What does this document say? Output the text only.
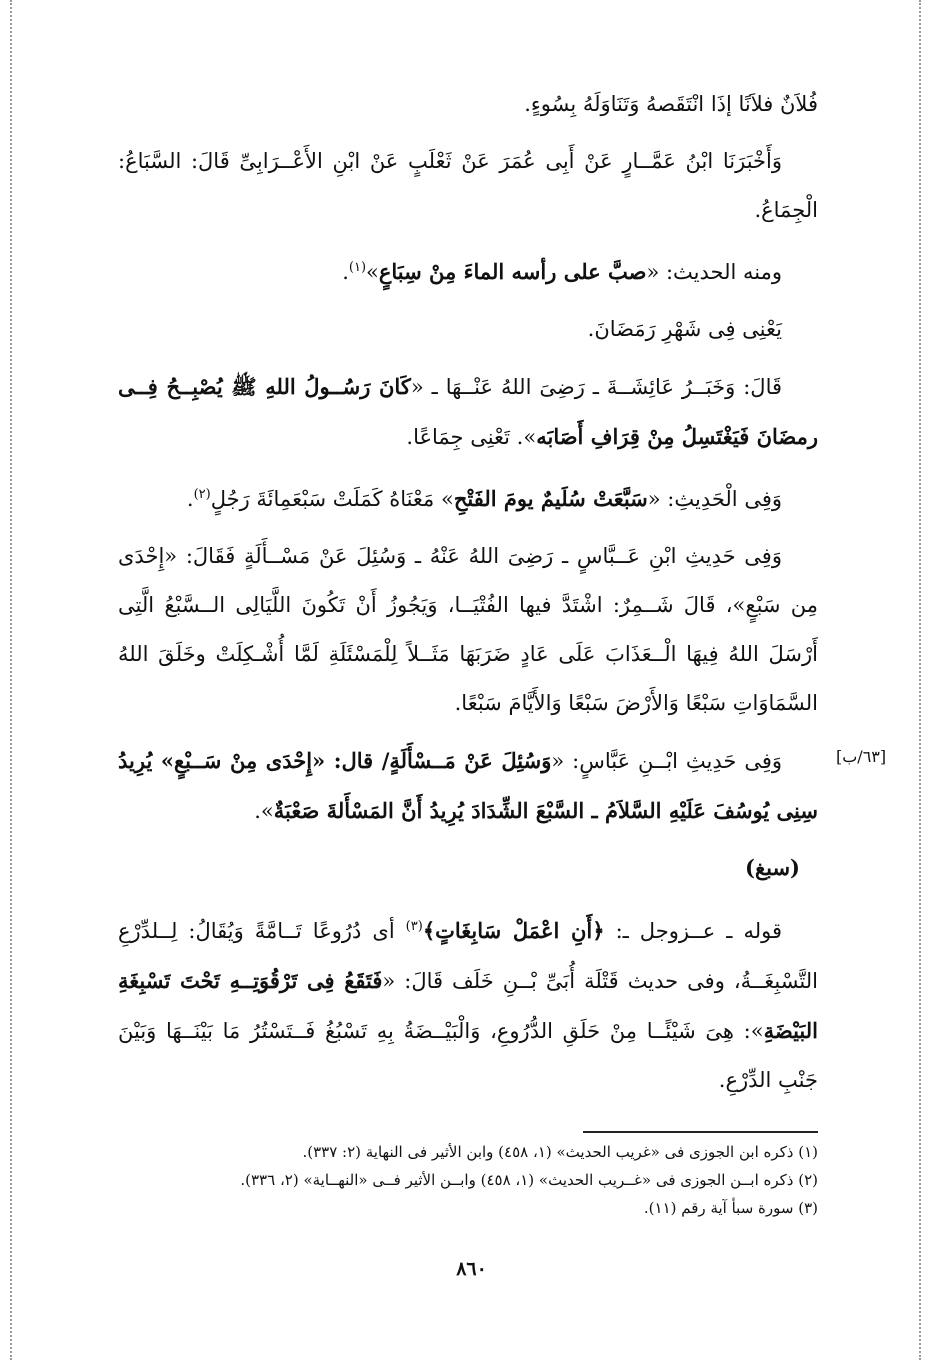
[٦٣/ب]

فُلاَنٌ فلاَنًا إذَا انْتَقَصهُ وَتَنَاوَلَهُ بِسُوءٍ.

وَأَخْبَرَنَا ابْنُ عَمَّــارٍ عَنْ أَبِى عُمَرَ عَنْ ثَعْلَبٍ عَنْ ابْنِ الأَعْــرَابِىِّ قَالَ: السَّبَاعُ: الْجِمَاعُ.

ومنه الحديث: «صبَّ على رأسه الماءَ مِنْ سِبَاعٍ»$^{(١)}$.

يَعْنِى فِى شَهْرِ رَمَضَانَ.

قَالَ: وَخَبَــرُ عَائِشَــةَ ـ رَضِىَ اللهُ عَنْــهَا ـ «كَانَ رَسُــولُ اللهِ ﷺ يُصْبِــحُ فِــى رمضَانَ فَيَغْتَسِلُ مِنْ قِرَافِ أَصَابَه». تَعْنِى جِمَاعًا.

وَفِى الْحَدِيثِ: «سَبَّعَتْ سُلَيمٌ يومَ الفَتْحِ» مَعْنَاهُ كَمَلَتْ سَبْعَمِائَةَ رَجُلٍ$^{(٢)}$.

وَفِى حَدِيثِ ابْنِ عَــبَّاسٍ ـ رَضِىَ اللهُ عَنْهُ ـ وَسُئِلَ عَنْ مَسْــأَلَةٍ فَقَالَ: «إِحْدَى مِن سَبْعٍ»، قَالَ شَــمِرٌ: اشْتَدَّ فيها الفُتْيَــا، وَيَجُوزُ أَنْ تَكُونَ اللَّيَالِى الــسَّبْعُ الَّتِى أَرْسَلَ اللهُ فِيهَا الْــعَذَابَ عَلَى عَادٍ ضَرَبَهَا مَثَــلاً لِلْمَسْئَلَةِ لَمَّا أُشْـكِلَتْ وخَلَقَ اللهُ السَّمَاوَاتِ سَبْعًا وَالأَرْضَ سَبْعًا وَالأَيَّامَ سَبْعًا.

وَفِى حَدِيثِ ابْــنِ عَبَّاسٍ: «وَسُئِلَ عَنْ مَــسْأَلَةٍ/ قال: «إِحْدَى مِنْ سَــبْعٍ» يُرِيدُ سِنِى يُوسُفَ عَلَيْهِ السَّلاَمُ ـ السَّبْعَ الشِّدَادَ يُرِيدُ أَنَّ المَسْأَلةَ صَعْبَةٌ».

(سبغ)

قوله ـ عــزوجل ـ: ﴿أَنِ اعْمَلْ سَابِغَاتٍ﴾$^{(٣)}$ أى دُرُوعًا تَــامَّةً وَيُقَالُ: لِــلدِّرْعِ التَّسْبِغَــةُ، وفى حديث قَتْلَة أُبَىِّ بْــنِ خَلَف قَالَ: «فَتَقَعُ فِى تَرْقُوَتِــهِ تَحْتَ تَسْبِغَةِ البَيْضَةِ»: هِىَ شَيْئًــا مِنْ حَلَقِ الدُّرُوعِ، وَالْبَيْــضَةُ بِهِ تَسْبُغُ فَــتَسْتُرُ مَا بَيْنَــهَا وَبَيْنَ جَنْبِ الدِّرْعِ.

(١) ذكره ابن الجوزى فى «غريب الحديث» (١، ٤٥٨) وابن الأثير فى النهاية (٢: ٣٣٧).

(٢) ذكره ابــن الجوزى فى «غــريب الحديث» (١، ٤٥٨) وابــن الأثير فــى «النهــاية» (٢، ٣٣٦).

(٣) سورة سبأ آية رقم (١١).

٨٦٠
